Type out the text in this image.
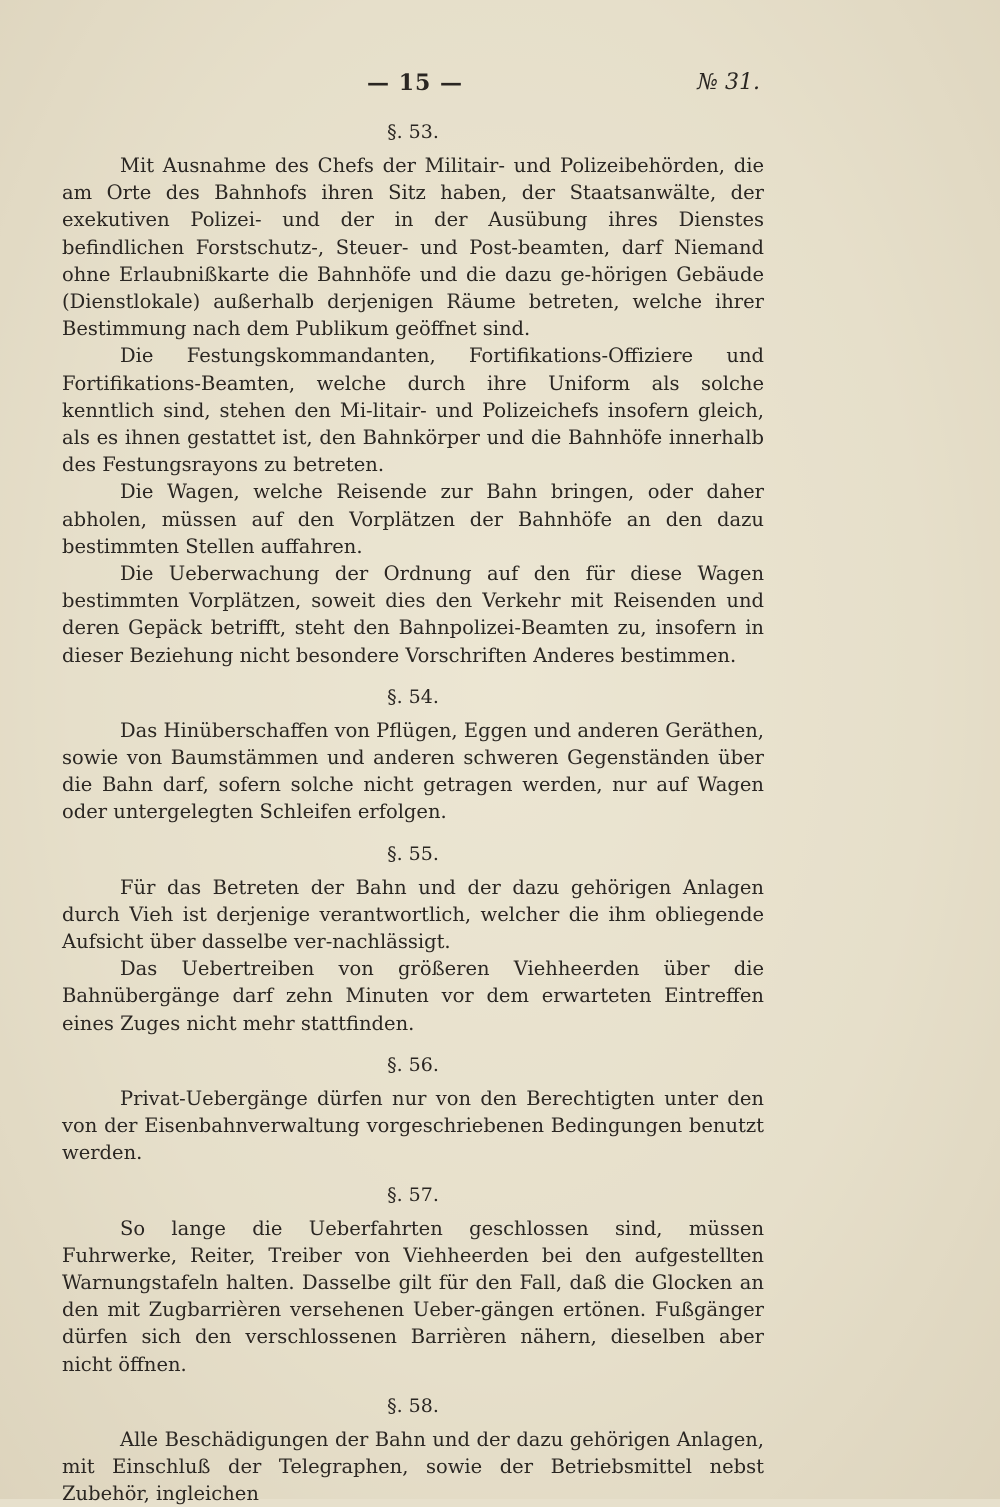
— 15 —	№ 31.
§. 53.

Mit Ausnahme des Chefs der Militair- und Polizeibehörden, die am Orte des Bahnhofs ihren Sitz haben, der Staatsanwälte, der exekutiven Polizei- und der in der Ausübung ihres Dienstes befindlichen Forstschutz-, Steuer- und Post-beamten, darf Niemand ohne Erlaubnißkarte die Bahnhöfe und die dazu ge-hörigen Gebäude (Dienstlokale) außerhalb derjenigen Räume betreten, welche ihrer Bestimmung nach dem Publikum geöffnet sind.

Die Festungskommandanten, Fortifikations-Offiziere und Fortifikations-Beamten, welche durch ihre Uniform als solche kenntlich sind, stehen den Mi-litair- und Polizeichefs insofern gleich, als es ihnen gestattet ist, den Bahnkörper und die Bahnhöfe innerhalb des Festungsrayons zu betreten.

Die Wagen, welche Reisende zur Bahn bringen, oder daher abholen, müssen auf den Vorplätzen der Bahnhöfe an den dazu bestimmten Stellen auffahren.

Die Ueberwachung der Ordnung auf den für diese Wagen bestimmten Vorplätzen, soweit dies den Verkehr mit Reisenden und deren Gepäck betrifft, steht den Bahnpolizei-Beamten zu, insofern in dieser Beziehung nicht besondere Vorschriften Anderes bestimmen.

§. 54.

Das Hinüberschaffen von Pflügen, Eggen und anderen Geräthen, sowie von Baumstämmen und anderen schweren Gegenständen über die Bahn darf, sofern solche nicht getragen werden, nur auf Wagen oder untergelegten Schleifen erfolgen.

§. 55.

Für das Betreten der Bahn und der dazu gehörigen Anlagen durch Vieh ist derjenige verantwortlich, welcher die ihm obliegende Aufsicht über dasselbe ver-nachlässigt.

Das Uebertreiben von größeren Viehheerden über die Bahnübergänge darf zehn Minuten vor dem erwarteten Eintreffen eines Zuges nicht mehr stattfinden.

§. 56.

Privat-Uebergänge dürfen nur von den Berechtigten unter den von der Eisenbahnverwaltung vorgeschriebenen Bedingungen benutzt werden.

§. 57.

So lange die Ueberfahrten geschlossen sind, müssen Fuhrwerke, Reiter, Treiber von Viehheerden bei den aufgestellten Warnungstafeln halten. Dasselbe gilt für den Fall, daß die Glocken an den mit Zugbarrièren versehenen Ueber-gängen ertönen. Fußgänger dürfen sich den verschlossenen Barrièren nähern, dieselben aber nicht öffnen.

§. 58.

Alle Beschädigungen der Bahn und der dazu gehörigen Anlagen, mit Einschluß der Telegraphen, sowie der Betriebsmittel nebst Zubehör, ingleichen
